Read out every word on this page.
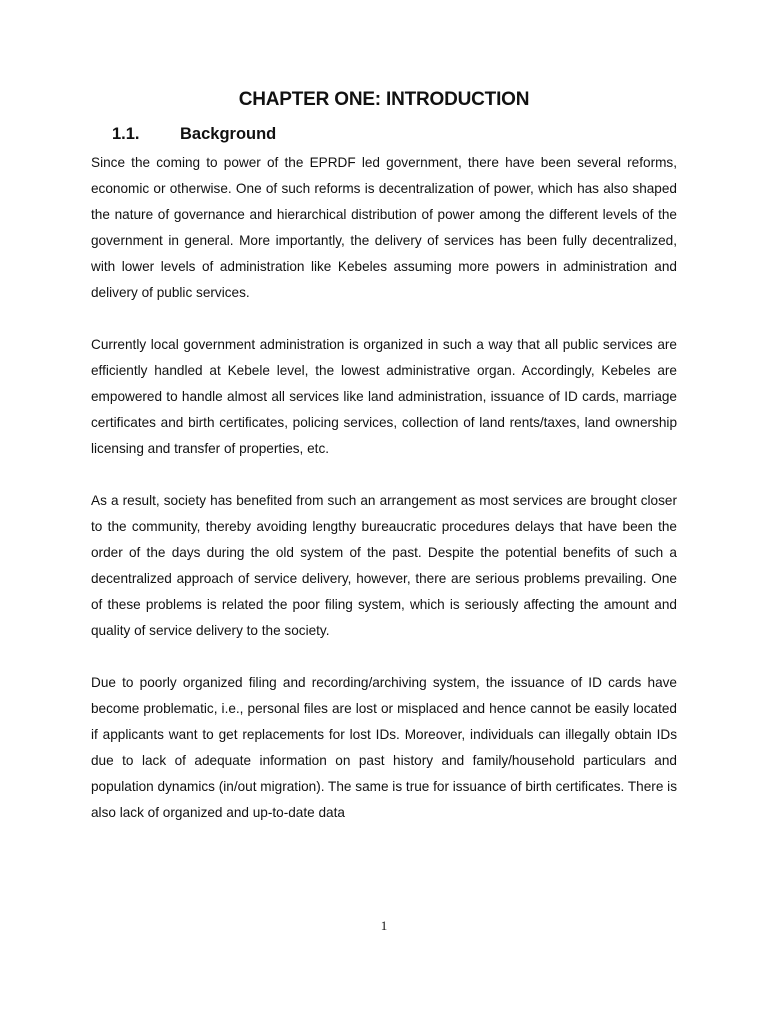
CHAPTER ONE: INTRODUCTION
1.1. Background

Since the coming to power of the EPRDF led government, there have been several reforms, economic or otherwise. One of such reforms is decentralization of power, which has also shaped the nature of governance and hierarchical distribution of power among the different levels of the government in general. More importantly, the delivery of services has been fully decentralized, with lower levels of administration like Kebeles assuming more powers in administration and delivery of public services.

Currently local government administration is organized in such a way that all public services are efficiently handled at Kebele level, the lowest administrative organ. Accordingly, Kebeles are empowered to handle almost all services like land administration, issuance of ID cards, marriage certificates and birth certificates, policing services, collection of land rents/taxes, land ownership licensing and transfer of properties, etc.

As a result, society has benefited from such an arrangement as most services are brought closer to the community, thereby avoiding lengthy bureaucratic procedures delays that have been the order of the days during the old system of the past. Despite the potential benefits of such a decentralized approach of service delivery, however, there are serious problems prevailing. One of these problems is related the poor filing system, which is seriously affecting the amount and quality of service delivery to the society.

Due to poorly organized filing and recording/archiving system, the issuance of ID cards have become problematic, i.e., personal files are lost or misplaced and hence cannot be easily located if applicants want to get replacements for lost IDs. Moreover, individuals can illegally obtain IDs due to lack of adequate information on past history and family/household particulars and population dynamics (in/out migration). The same is true for issuance of birth certificates. There is also lack of organized and up-to-date data

1
